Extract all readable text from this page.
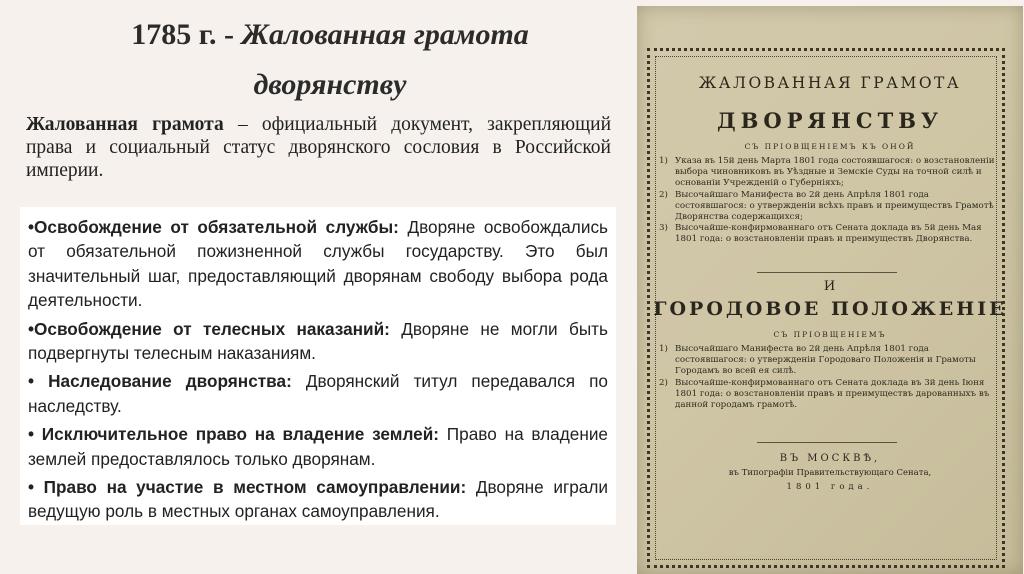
1785 г. - Жалованная грамота дворянству
Жалованная грамота – официальный документ, закрепляющий права и социальный статус дворянского сословия в Российской империи.

•Освобождение от обязательной службы: Дворяне освобождались от обязательной пожизненной службы государству. Это был значительный шаг, предоставляющий дворянам свободу выбора рода деятельности.

•Освобождение от телесных наказаний: Дворяне не могли быть подвергнуты телесным наказаниям.

• Наследование дворянства: Дворянский титул передавался по наследству.

• Исключительное право на владение землей: Право на владение землей предоставлялось только дворянам.

• Право на участие в местном самоуправлении: Дворяне играли ведущую роль в местных органах самоуправления.

ЖАЛОВАННАЯ ГРАМОТА
ДВОРЯНСТВУ
СЪ ПРІОВЩЕНІЕМЪ КЪ ОНОЙ
1) Указа въ 15й день Марта 1801 года состоявшагося: о возстановленіи выбора чиновниковъ въ Уѣздные и Земскіе Суды на точной силѣ и основаніи Учрежденій о Губерніяхъ;
2) Высочайшаго Манифеста во 2й день Апрѣля 1801 года состоявшагося: о утвержденіи всѣхъ правъ и преимуществъ Грамотѣ Дворянства содержащихся;
3) Высочайше-конфирмованнаго отъ Сената доклада въ 5й день Мая 1801 года: о возстановленіи правъ и преимуществъ Дворянства.
И
ГОРОДОВОЕ ПОЛОЖЕНІЕ
СЪ ПРІОВЩЕНІЕМЪ
1) Высочайшаго Манифеста во 2й день Апрѣля 1801 года состоявшагося: о утвержденіи Городоваго Положенія и Грамоты Городамъ во всей ея силѣ.
2) Высочайше-конфирмованнаго отъ Сената доклада въ 3й день Іюня 1801 года: о возстановленіи правъ и преимуществъ дарованныхъ въ данной городамъ грамотѣ.
ВЪ МОСКВѢ,
въ Типографіи Правительствующаго Сената,
1801 года.
